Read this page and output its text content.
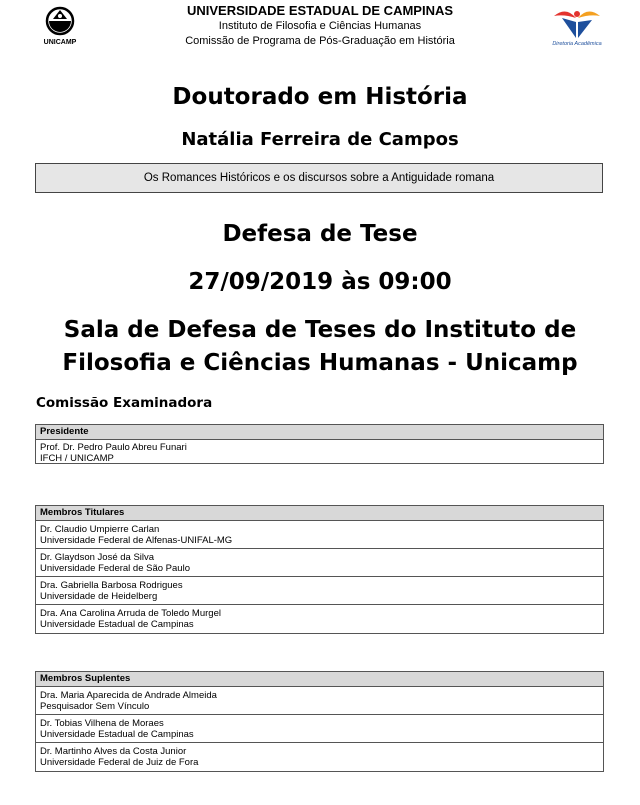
UNICAMP
UNIVERSIDADE ESTADUAL DE CAMPINAS
Instituto de Filosofia e Ciências Humanas
Comissão de Programa de Pós-Graduação em História	Diretoria Acadêmica
Doutorado em História
Natália Ferreira de Campos
Os Romances Históricos e os discursos sobre a Antiguidade romana
Defesa de Tese
27/09/2019 às 09:00
Sala de Defesa de Teses do Instituto de Filosofia e Ciências Humanas - Unicamp
Comissão Examinadora
Presidente
Prof. Dr. Pedro Paulo Abreu Funari
IFCH / UNICAMP
Membros Titulares
Dr. Claudio Umpierre Carlan
Universidade Federal de Alfenas-UNIFAL-MG
Dr. Glaydson José da Silva
Universidade Federal de São Paulo
Dra. Gabriella Barbosa Rodrigues
Universidade de Heidelberg
Dra. Ana Carolina Arruda de Toledo Murgel
Universidade Estadual de Campinas
Membros Suplentes
Dra. Maria Aparecida de Andrade Almeida
Pesquisador Sem Vínculo
Dr. Tobias Vilhena de Moraes
Universidade Estadual de Campinas
Dr. Martinho Alves da Costa Junior
Universidade Federal de Juiz de Fora
